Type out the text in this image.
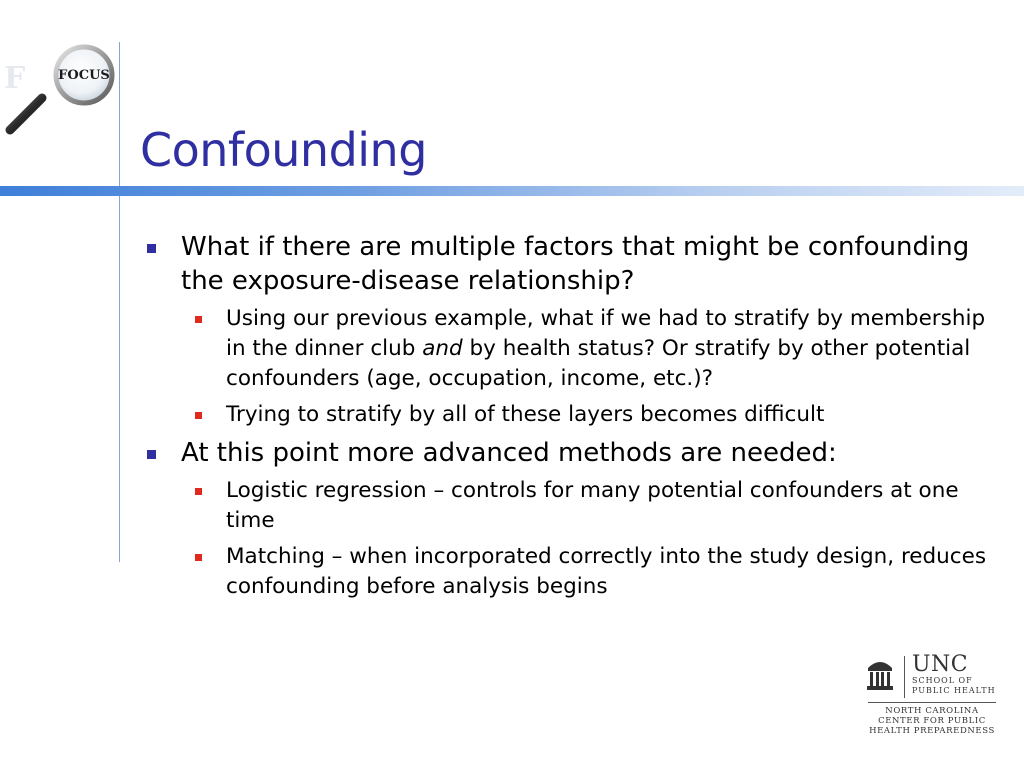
F	FOCUS
Confounding
What if there are multiple factors that might be confounding the exposure-disease relationship?
Using our previous example, what if we had to stratify by membership in the dinner club and by health status? Or stratify by other potential confounders (age, occupation, income, etc.)?
Trying to stratify by all of these layers becomes difficult
At this point more advanced methods are needed:
Logistic regression – controls for many potential confounders at one time
Matching – when incorporated correctly into the study design, reduces confounding before analysis begins
UNC
SCHOOL OF
PUBLIC HEALTH
NORTH CAROLINA
CENTER FOR PUBLIC
HEALTH PREPAREDNESS
